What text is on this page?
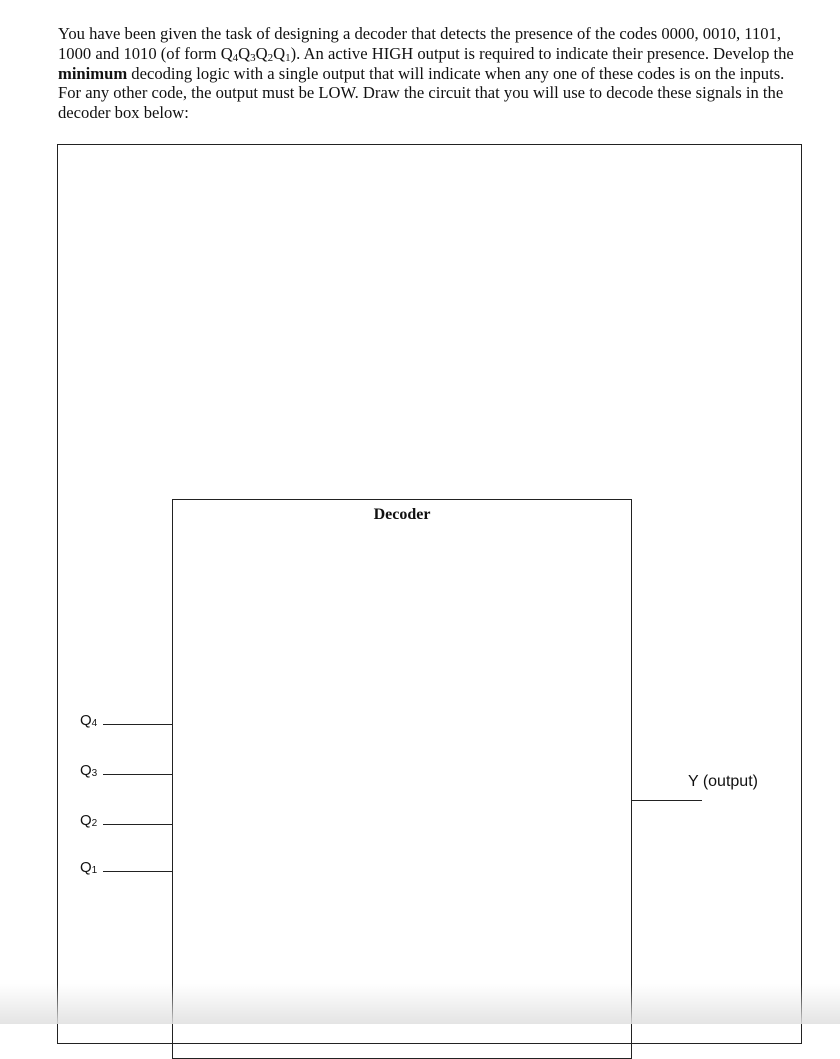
You have been given the task of designing a decoder that detects the presence of the codes 0000, 0010, 1101, 1000 and 1010 (of form $Q_4Q_3Q_2Q_1$). An active HIGH output is required to indicate their presence. Develop the minimum decoding logic with a single output that will indicate when any one of these codes is on the inputs. For any other code, the output must be LOW. Draw the circuit that you will use to decode these signals in the decoder box below:

Decoder
$Q_4$
$Q_3$
$Q_2$
$Q_1$
Y (output)
